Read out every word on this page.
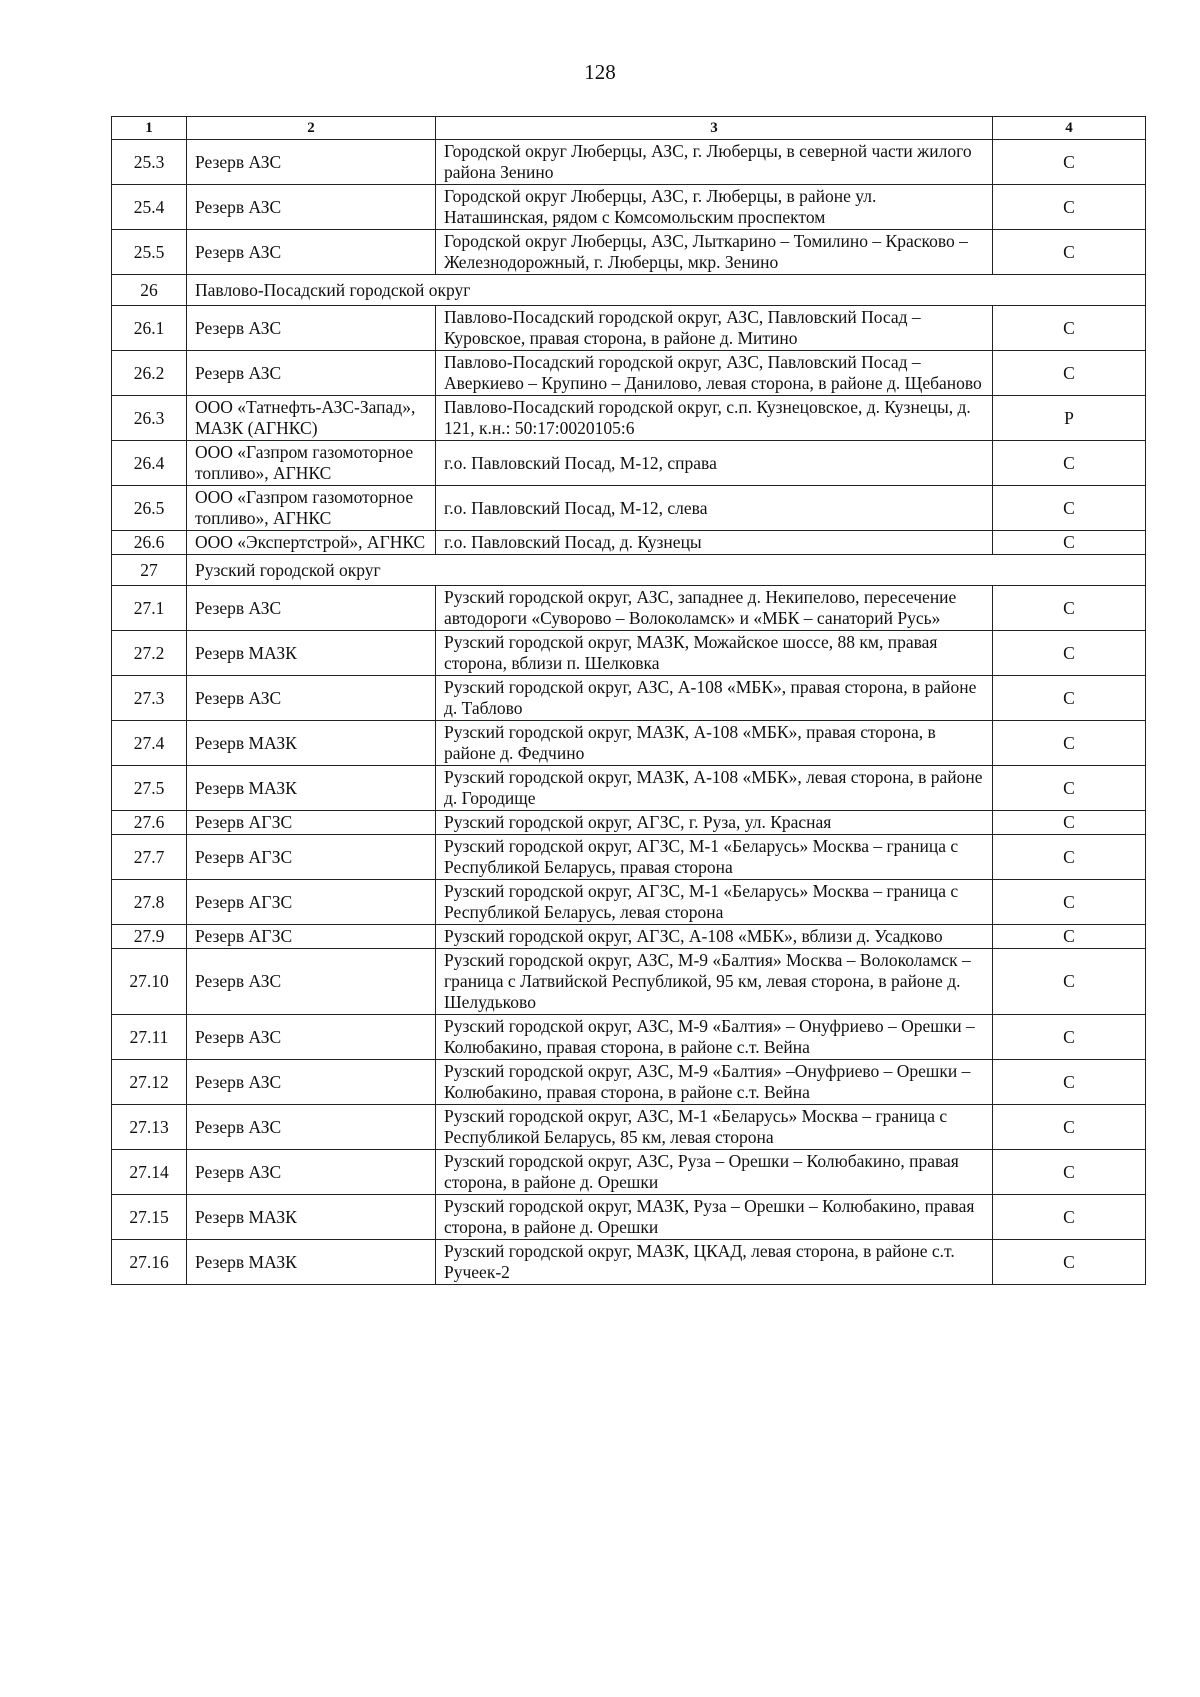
128
1	2	3	4
25.3	Резерв АЗС	Городской округ Люберцы, АЗС, г. Люберцы, в северной части жилого района Зенино	С
25.4	Резерв АЗС	Городской округ Люберцы, АЗС, г. Люберцы, в районе ул. Наташинская, рядом с Комсомольским проспектом	С
25.5	Резерв АЗС	Городской округ Люберцы, АЗС, Лыткарино – Томилино – Красково – Железнодорожный, г. Люберцы, мкр. Зенино	С
26	Павлово-Посадский городской округ		
26.1	Резерв АЗС	Павлово-Посадский городской округ, АЗС, Павловский Посад – Куровское, правая сторона, в районе д. Митино	С
26.2	Резерв АЗС	Павлово-Посадский городской округ, АЗС, Павловский Посад – Аверкиево – Крупино – Данилово, левая сторона, в районе д. Щебаново	С
26.3	ООО «Татнефть-АЗС-Запад», МАЗК (АГНКС)	Павлово-Посадский городской округ, с.п. Кузнецовское, д. Кузнецы, д. 121, к.н.: 50:17:0020105:6	Р
26.4	ООО «Газпром газомоторное топливо», АГНКС	г.о. Павловский Посад, М-12, справа	С
26.5	ООО «Газпром газомоторное топливо», АГНКС	г.о. Павловский Посад, М-12, слева	С
26.6	ООО «Экспертстрой», АГНКС	г.о. Павловский Посад, д. Кузнецы	С
27	Рузский городской округ		
27.1	Резерв АЗС	Рузский городской округ, АЗС, западнее д. Некипелово, пересечение автодороги «Суворово – Волоколамск» и «МБК – санаторий Русь»	С
27.2	Резерв МАЗК	Рузский городской округ, МАЗК, Можайское шоссе, 88 км, правая сторона, вблизи п. Шелковка	С
27.3	Резерв АЗС	Рузский городской округ, АЗС, А-108 «МБК», правая сторона, в районе д. Таблово	С
27.4	Резерв МАЗК	Рузский городской округ, МАЗК, А-108 «МБК», правая сторона, в районе д. Федчино	С
27.5	Резерв МАЗК	Рузский городской округ, МАЗК, А-108 «МБК», левая сторона, в районе д. Городище	С
27.6	Резерв АГЗС	Рузский городской округ, АГЗС, г. Руза, ул. Красная	С
27.7	Резерв АГЗС	Рузский городской округ, АГЗС, М-1 «Беларусь» Москва – граница с Республикой Беларусь, правая сторона	С
27.8	Резерв АГЗС	Рузский городской округ, АГЗС, М-1 «Беларусь» Москва – граница с Республикой Беларусь, левая сторона	С
27.9	Резерв АГЗС	Рузский городской округ, АГЗС, А-108 «МБК», вблизи д. Усадково	С
27.10	Резерв АЗС	Рузский городской округ, АЗС, М-9 «Балтия» Москва – Волоколамск – граница с Латвийской Республикой, 95 км, левая сторона, в районе д. Шелудьково	С
27.11	Резерв АЗС	Рузский городской округ, АЗС, М-9 «Балтия» – Онуфриево – Орешки – Колюбакино, правая сторона, в районе с.т. Вейна	С
27.12	Резерв АЗС	Рузский городской округ, АЗС, М-9 «Балтия» –Онуфриево – Орешки – Колюбакино, правая сторона, в районе с.т. Вейна	С
27.13	Резерв АЗС	Рузский городской округ, АЗС, М-1 «Беларусь» Москва – граница с Республикой Беларусь, 85 км, левая сторона	С
27.14	Резерв АЗС	Рузский городской округ, АЗС, Руза – Орешки – Колюбакино, правая сторона, в районе д. Орешки	С
27.15	Резерв МАЗК	Рузский городской округ, МАЗК, Руза – Орешки – Колюбакино, правая сторона, в районе д. Орешки	С
27.16	Резерв МАЗК	Рузский городской округ, МАЗК, ЦКАД, левая сторона, в районе с.т. Ручеек-2	С
